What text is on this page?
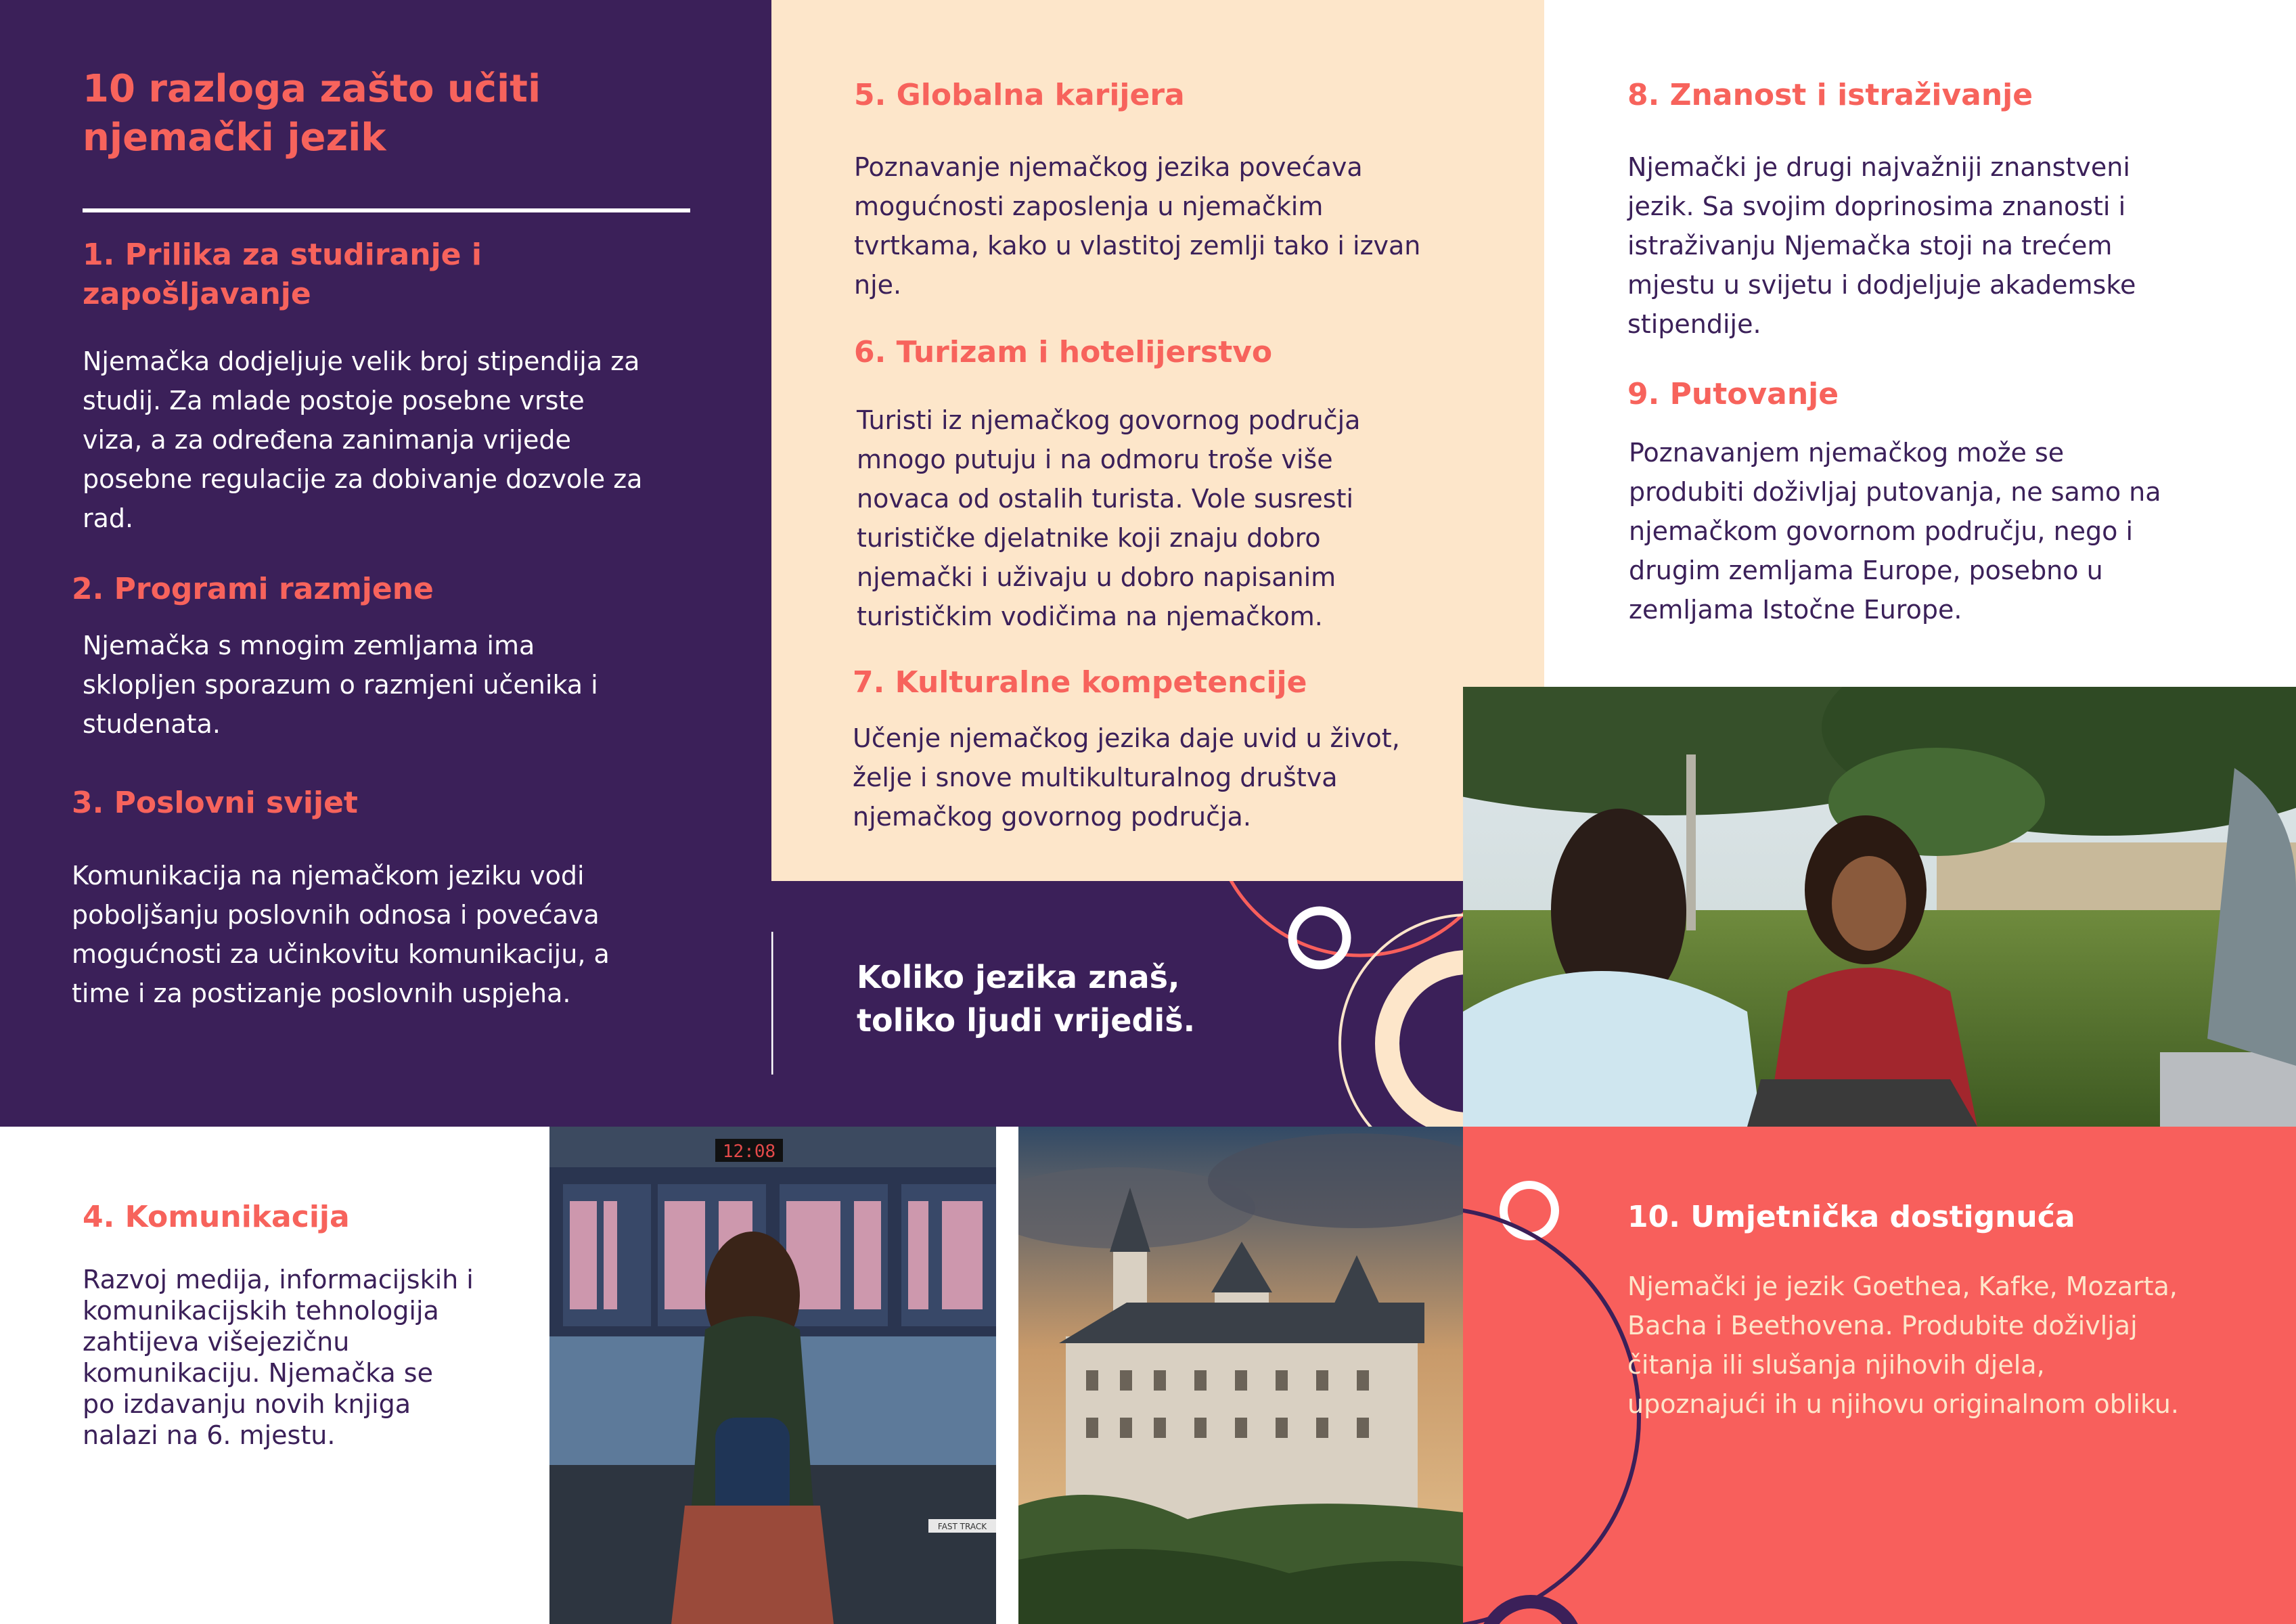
12:08
FAST TRACK
10 razloga zašto učiti
njemački jezik
1. Prilika za studiranje i
zapošljavanje

Njemačka dodjeljuje velik broj stipendija za
studij. Za mlade postoje posebne vrste
viza, a za određena zanimanja vrijede
posebne regulacije za dobivanje dozvole za
rad.

2. Programi razmjene

Njemačka s mnogim zemljama ima
sklopljen sporazum o razmjeni učenika i
studenata.

3. Poslovni svijet

Komunikacija na njemačkom jeziku vodi
poboljšanju poslovnih odnosa i povećava
mogućnosti za učinkovitu komunikaciju, a
time i za postizanje poslovnih uspjeha.

5. Globalna karijera

Poznavanje njemačkog jezika povećava
mogućnosti zaposlenja u njemačkim
tvrtkama, kako u vlastitoj zemlji tako i izvan
nje.

6. Turizam i hotelijerstvo

Turisti iz njemačkog govornog područja
mnogo putuju i na odmoru troše više
novaca od ostalih turista. Vole susresti
turističke djelatnike koji znaju dobro
njemački i uživaju u dobro napisanim
turističkim vodičima na njemačkom.

7. Kulturalne kompetencije

Učenje njemačkog jezika daje uvid u život,
želje i snove multikulturalnog društva
njemačkog govornog područja.

Koliko jezika znaš,
toliko ljudi vrijediš.

8. Znanost i istraživanje

Njemački je drugi najvažniji znanstveni
jezik. Sa svojim doprinosima znanosti i
istraživanju Njemačka stoji na trećem
mjestu u svijetu i dodjeljuje akademske
stipendije.

9. Putovanje

Poznavanjem njemačkog može se
produbiti doživljaj putovanja, ne samo na
njemačkom govornom području, nego i
drugim zemljama Europe, posebno u
zemljama Istočne Europe.

4. Komunikacija

Razvoj medija, informacijskih i
komunikacijskih tehnologija
zahtijeva višejezičnu
komunikaciju. Njemačka se
po izdavanju novih knjiga
nalazi na 6. mjestu.

10. Umjetnička dostignuća

Njemački je jezik Goethea, Kafke, Mozarta,
Bacha i Beethovena. Produbite doživljaj
čitanja ili slušanja njihovih djela,
upoznajući ih u njihovu originalnom obliku.
